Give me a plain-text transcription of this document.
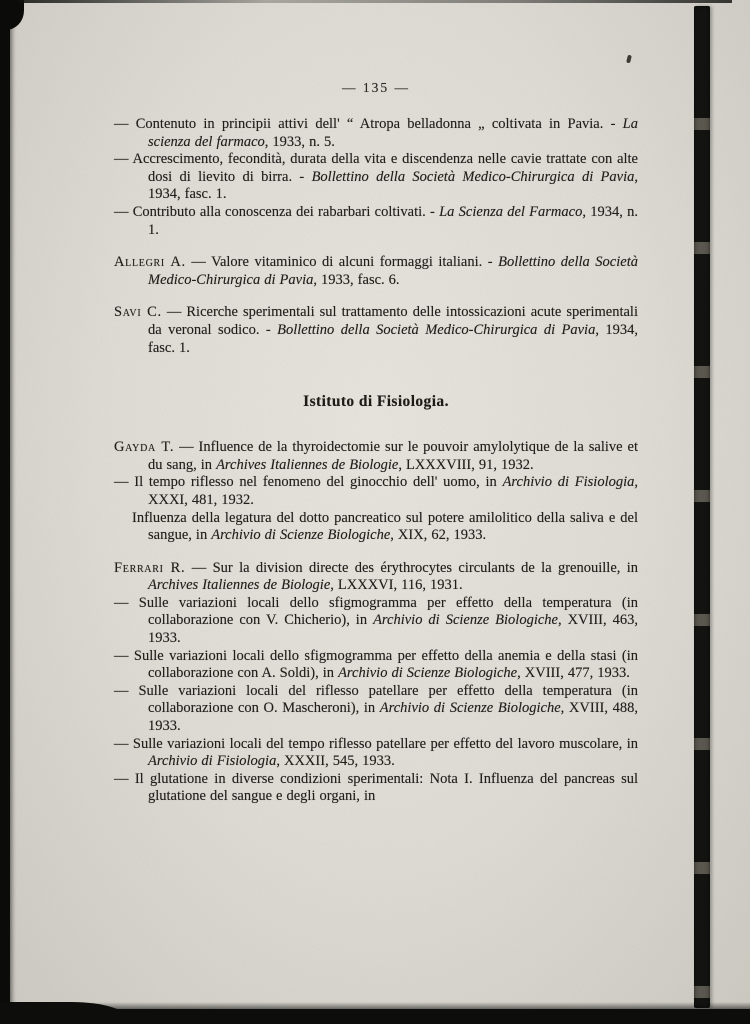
— 135 —

— Contenuto in principii attivi dell' “ Atropa belladonna „ coltivata in Pavia. - La scienza del farmaco, 1933, n. 5.

— Accrescimento, fecondità, durata della vita e discendenza nelle cavie trattate con alte dosi di lievito di birra. - Bollettino della Società Medico-Chirurgica di Pavia, 1934, fasc. 1.

— Contributo alla conoscenza dei rabarbari coltivati. - La Scienza del Farmaco, 1934, n. 1.

Allegri A. — Valore vitaminico di alcuni formaggi italiani. - Bollettino della Società Medico-Chirurgica di Pavia, 1933, fasc. 6.

Savi C. — Ricerche sperimentali sul trattamento delle intossicazioni acute sperimentali da veronal sodico. - Bollettino della Società Medico-Chirurgica di Pavia, 1934, fasc. 1.

Istituto di Fisiologia.

Gayda T. — Influence de la thyroidectomie sur le pouvoir amylolytique de la salive et du sang, in Archives Italiennes de Biologie, LXXXVIII, 91, 1932.

— Il tempo riflesso nel fenomeno del ginocchio dell' uomo, in Archivio di Fisiologia, XXXI, 481, 1932.

Influenza della legatura del dotto pancreatico sul potere amilolitico della saliva e del sangue, in Archivio di Scienze Biologiche, XIX, 62, 1933.

Ferrari R. — Sur la division directe des érythrocytes circulants de la grenouille, in Archives Italiennes de Biologie, LXXXVI, 116, 1931.

— Sulle variazioni locali dello sfigmogramma per effetto della temperatura (in collaborazione con V. Chicherio), in Archivio di Scienze Biologiche, XVIII, 463, 1933.

— Sulle variazioni locali dello sfigmogramma per effetto della anemia e della stasi (in collaborazione con A. Soldi), in Archivio di Scienze Biologiche, XVIII, 477, 1933.

— Sulle variazioni locali del riflesso patellare per effetto della temperatura (in collaborazione con O. Mascheroni), in Archivio di Scienze Biologiche, XVIII, 488, 1933.

— Sulle variazioni locali del tempo riflesso patellare per effetto del lavoro muscolare, in Archivio di Fisiologia, XXXII, 545, 1933.

— Il glutatione in diverse condizioni sperimentali: Nota I. Influenza del pancreas sul glutatione del sangue e degli organi, in
